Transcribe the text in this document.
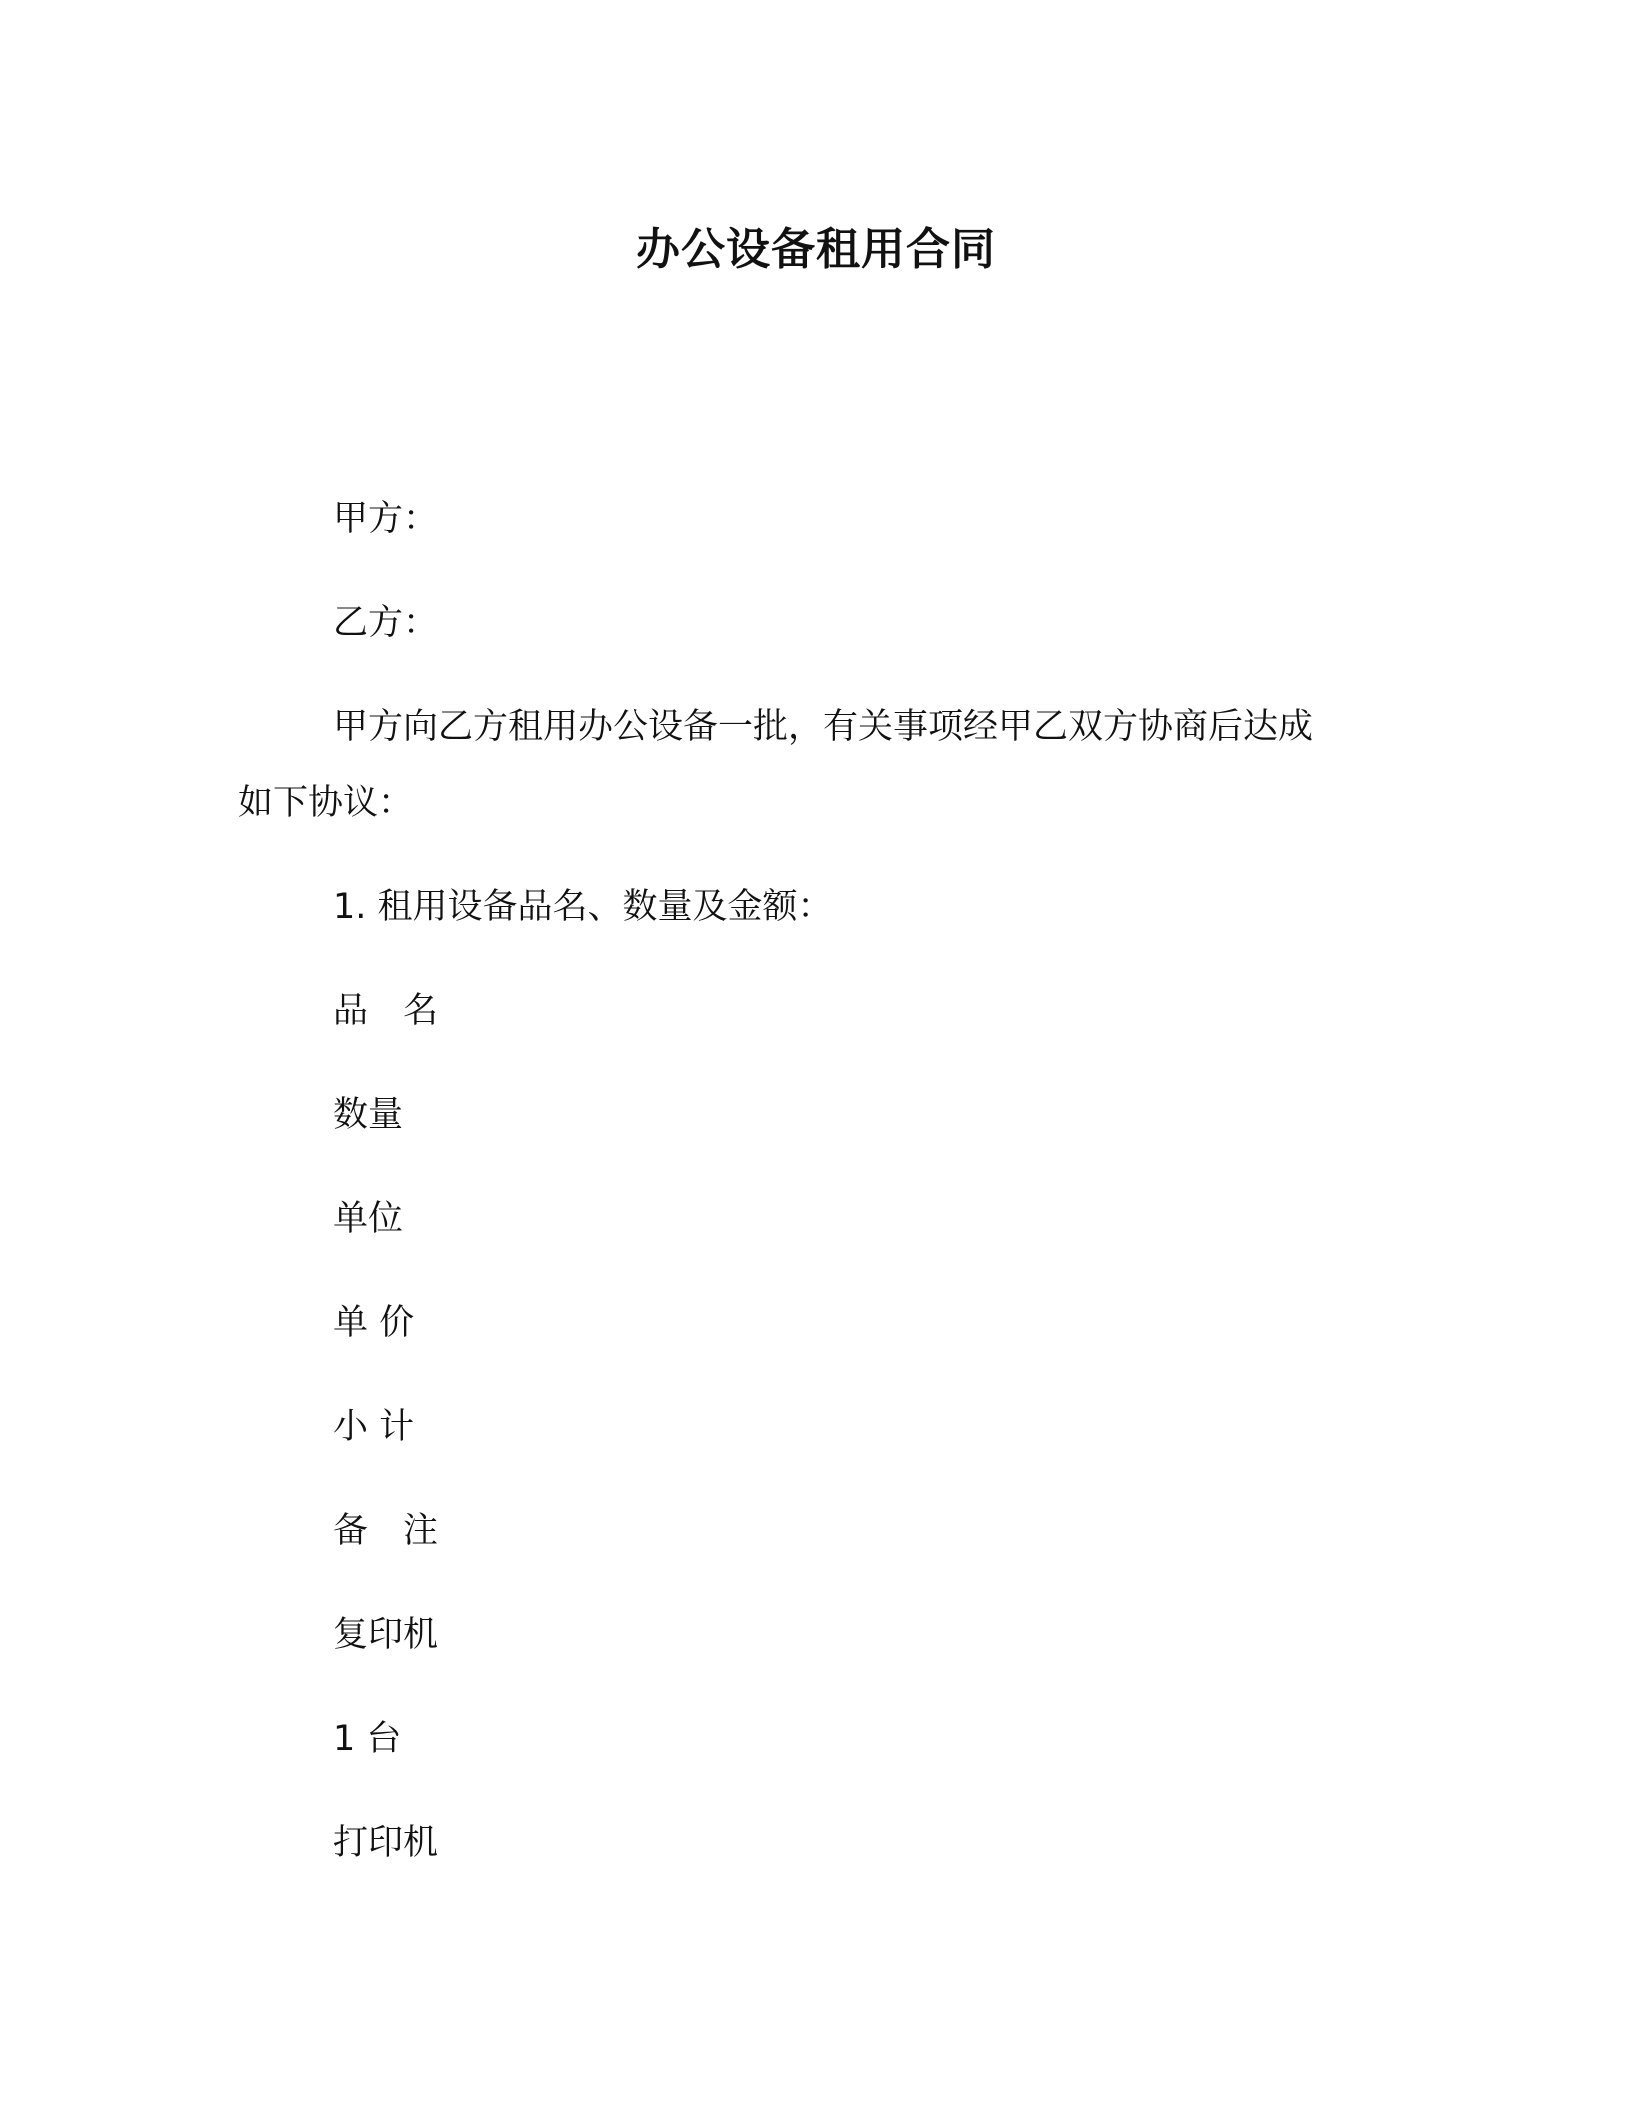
办公设备租用合同
甲方：
乙方：
甲方向乙方租用办公设备一批，有关事项经甲乙双方协商后达成
如下协议：
1. 租用设备品名、数量及金额：
品　名
数量
单位
单 价
小 计
备　注
复印机
1 台
打印机
